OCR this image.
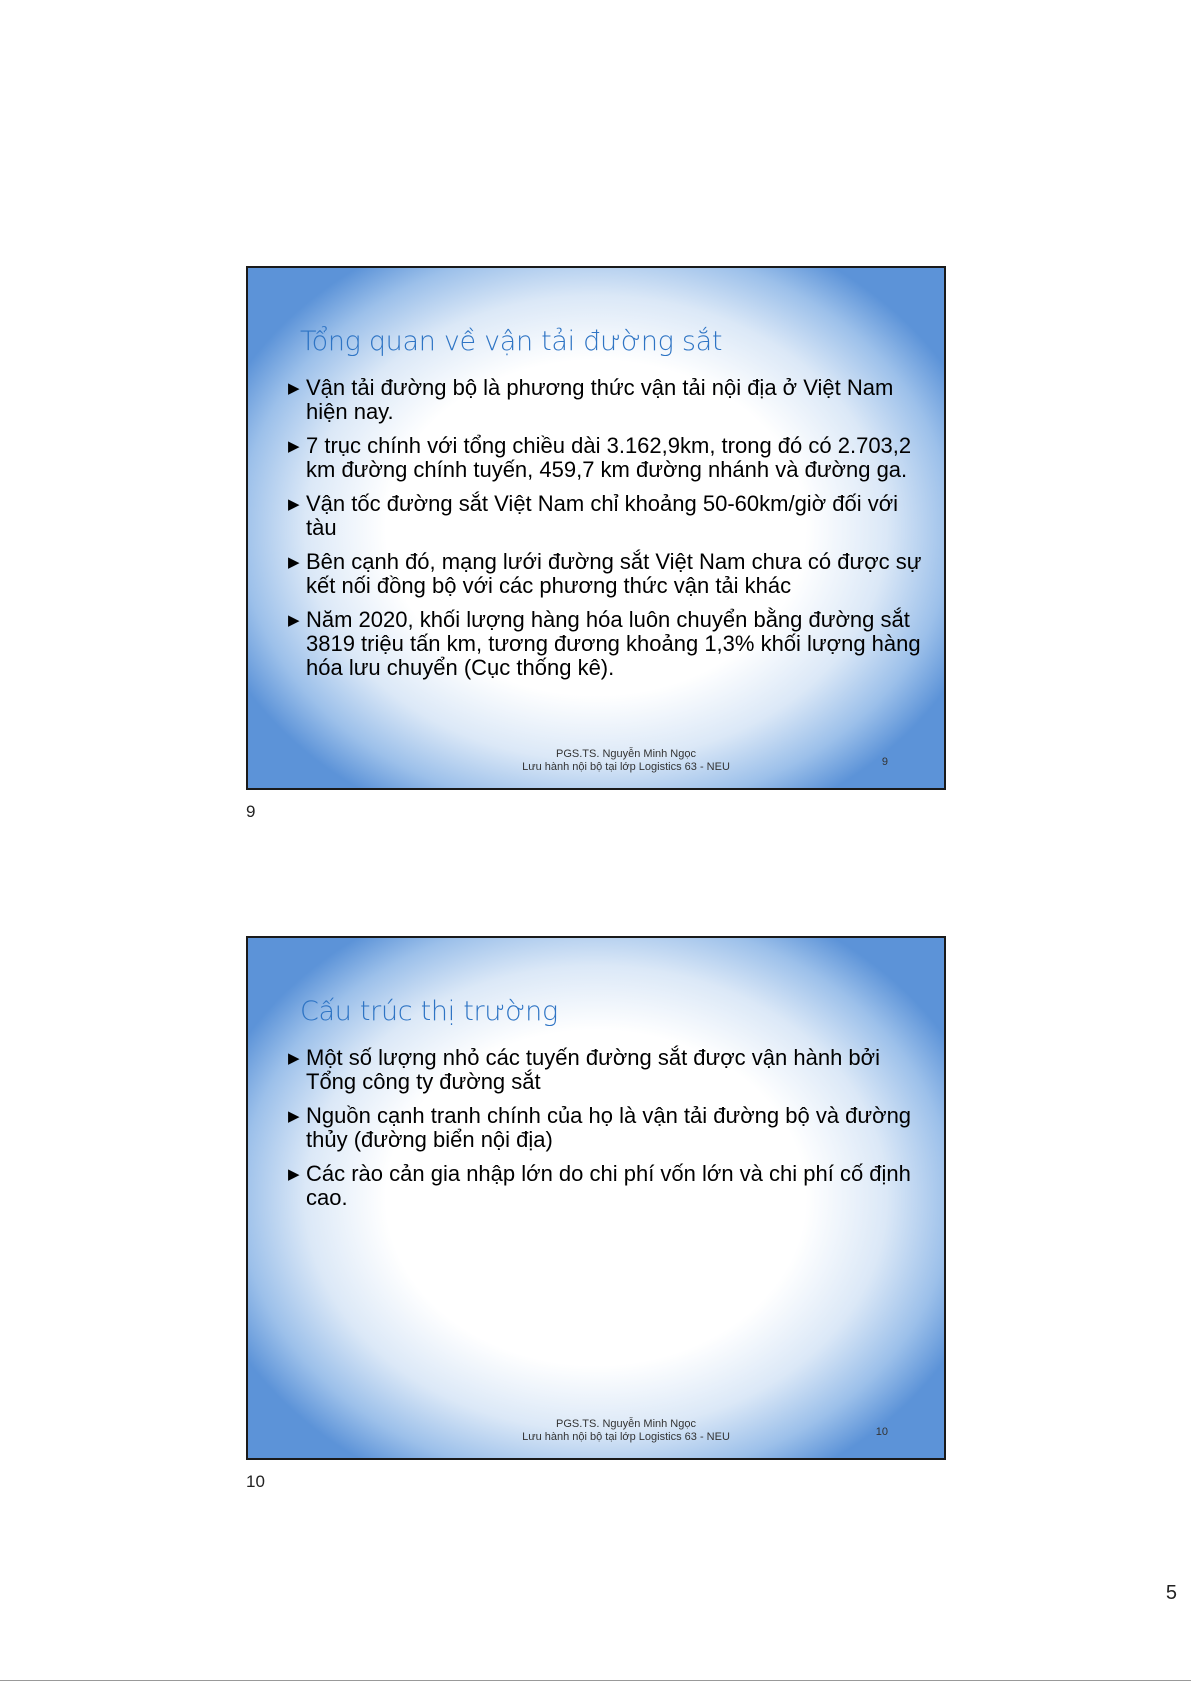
Tổng quan về vận tải đường sắt
▶ Vận tải đường bộ là phương thức vận tải nội địa ở Việt Nam hiện nay.
▶ 7 trục chính với tổng chiều dài 3.162,9km, trong đó có 2.703,2 km đường chính tuyến, 459,7 km đường nhánh và đường ga.
▶ Vận tốc đường sắt Việt Nam chỉ khoảng 50-60km/giờ đối với tàu
▶ Bên cạnh đó, mạng lưới đường sắt Việt Nam chưa có được sự kết nối đồng bộ với các phương thức vận tải khác
▶ Năm 2020, khối lượng hàng hóa luôn chuyển bằng đường sắt 3819 triệu tấn km, tương đương khoảng 1,3% khối lượng hàng hóa lưu chuyển (Cục thống kê).
PGS.TS. Nguyễn Minh Ngọc
Lưu hành nội bộ tại lớp Logistics 63 - NEU	9
9
Cấu trúc thị trường
▶ Một số lượng nhỏ các tuyến đường sắt được vận hành bởi Tổng công ty đường sắt
▶ Nguồn cạnh tranh chính của họ là vận tải đường bộ và đường thủy (đường biển nội địa)
▶ Các rào cản gia nhập lớn do chi phí vốn lớn và chi phí cố định cao.
PGS.TS. Nguyễn Minh Ngọc
Lưu hành nội bộ tại lớp Logistics 63 - NEU	10
10
5
